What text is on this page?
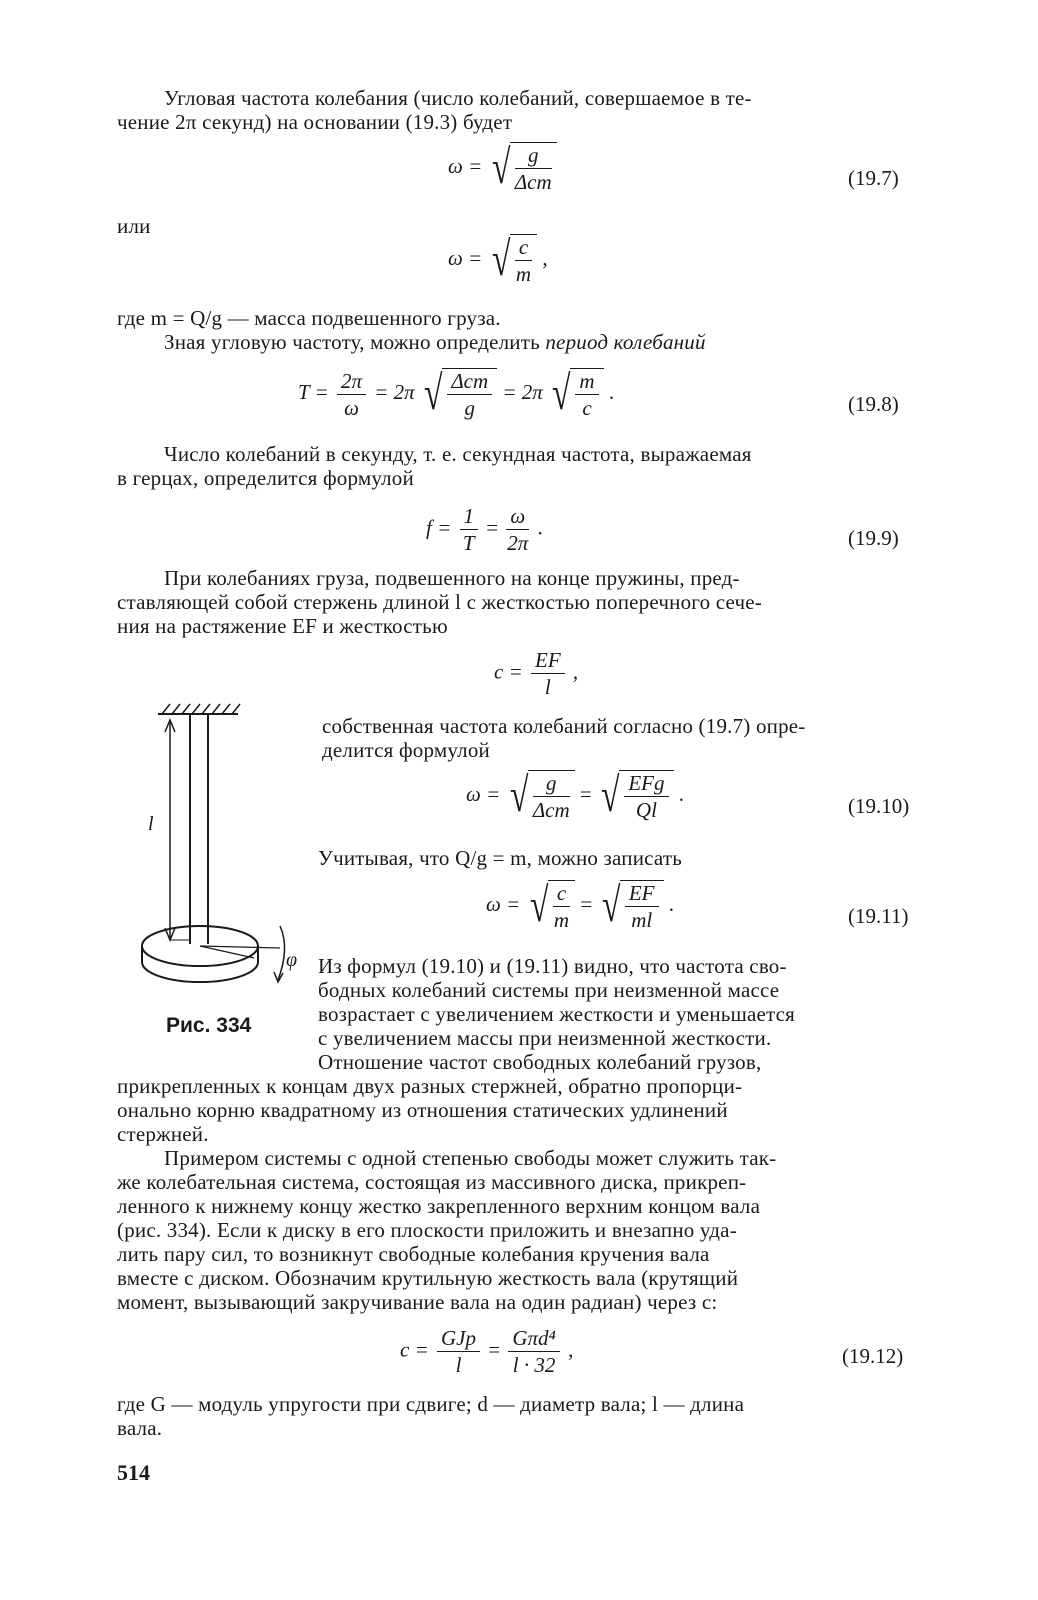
Угловая частота колебания (число колебаний, совершаемое в те-
чение 2π секунд) на основании (19.3) будет
ω = √ $\frac{g}{\text{Δст}}$	(19.7)
или
ω = √ $\frac{c}{m}$ ,
где m = Q/g — масса подвешенного груза.
Зная угловую частоту, можно определить период колебаний
$T = \frac{2\pi}{\omega} = 2\pi$ √ $\frac{\text{Δст}}{g} = 2\pi$ √ $\frac{m}{c}$ .
(19.8)
Число колебаний в секунду, т. е. секундная частота, выражаемая
в герцах, определится формулой
$f = \frac{1}{T} = \frac{\omega}{2\pi}$ .	(19.9)
При колебаниях груза, подвешенного на конце пружины, пред-
ставляющей собой стержень длиной l с жесткостью поперечного сече-
ния на растяжение EF и жесткостью
$c = \frac{EF}{l}$ ,
l
φ
Рис. 334
собственная частота колебаний согласно (19.7) опре-
делится формулой
ω = √ $\frac{g}{\text{Δст}}$ = √ $\frac{\text{EFg}}{Ql}$ .
(19.10)
Учитывая, что Q/g = m, можно записать
ω = √ $\frac{c}{m}$ = √ $\frac{EF}{ml}$ .
(19.11)
Из формул (19.10) и (19.11) видно, что частота сво-
бодных колебаний системы при неизменной массе
возрастает с увеличением жесткости и уменьшается
с увеличением массы при неизменной жесткости.
Отношение частот свободных колебаний грузов,
прикрепленных к концам двух разных стержней, обратно пропорци-
онально корню квадратному из отношения статических удлинений
стержней.
Примером системы с одной степенью свободы может служить так-
же колебательная система, состоящая из массивного диска, прикреп-
ленного к нижнему концу жестко закрепленного верхним концом вала
(рис. 334). Если к диску в его плоскости приложить и внезапно уда-
лить пару сил, то возникнут свободные колебания кручения вала
вместе с диском. Обозначим крутильную жесткость вала (крутящий
момент, вызывающий закручивание вала на один радиан) через c:
$c = \frac{\text{GJp}}{l} = \frac{\text{Gπd⁴}}{l \cdot 32}$ ,	(19.12)
где G — модуль упругости при сдвиге; d — диаметр вала; l — длина
вала.
514
